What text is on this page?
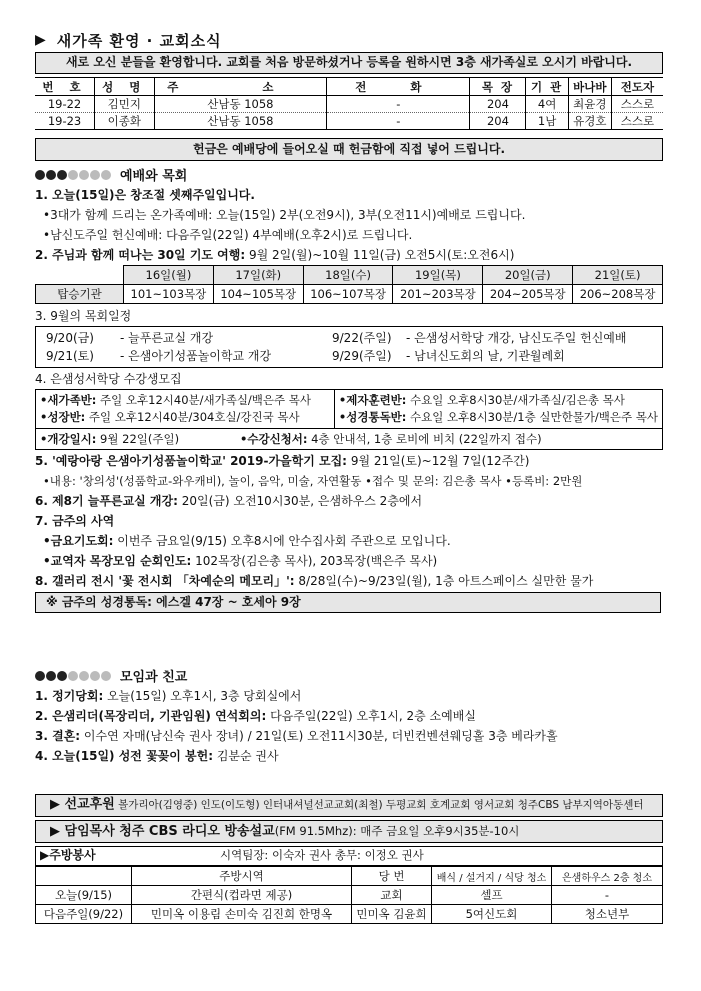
▶ 새가족 환영 · 교회소식
새로 오신 분들을 환영합니다. 교회를 처음 방문하셨거나 등록을 원하시면 3층 새가족실로 오시기 바랍니다.
번 호	성 명	주 소	전 화	목 장	기 관	바나바	전도자
19-22	김민지	산남동 1058	-	204	4여	최윤경	스스로
19-23	이종화	산남동 1058	-	204	1남	유경호	스스로
헌금은 예배당에 들어오실 때 헌금함에 직접 넣어 드립니다.
예배와 목회
1. 오늘(15일)은 창조절 셋째주일입니다.
•3대가 함께 드리는 온가족예배: 오늘(15일) 2부(오전9시), 3부(오전11시)예배로 드립니다.
•남신도주일 헌신예배: 다음주일(22일) 4부예배(오후2시)로 드립니다.
2. 주님과 함께 떠나는 30일 기도 여행: 9월 2일(월)~10월 11일(금) 오전5시(토:오전6시)
	16일(월)	17일(화)	18일(수)	19일(목)	20일(금)	21일(토)
탑승기관	101~103목장	104~105목장	106~107목장	201~203목장	204~205목장	206~208목장
3. 9월의 목회일정
9/20(금)	- 늘푸른교실 개강	9/22(주일)	- 은샘성서학당 개강, 남신도주일 헌신예배
9/21(토)	- 은샘아기성품놀이학교 개강	9/29(주일)	- 남녀신도회의 날, 기관월례회
4. 은샘성서학당 수강생모집
•새가족반: 주일 오후12시40분/새가족실/백은주 목사
•성장반: 주일 오후12시40분/304호실/강진국 목사
•제자훈련반: 수요일 오후8시30분/새가족실/김은총 목사
•성경통독반: 수요일 오후8시30분/1층 실만한물가/백은주 목사
•개강일시: 9월 22일(주일)	•수강신청서: 4층 안내석, 1층 로비에 비치 (22일까지 접수)
5. '예랑아랑 은샘아기성품놀이학교' 2019-가을학기 모집: 9월 21일(토)~12월 7일(12주간)
•내용: '창의성'(성품학교-와우캐비), 놀이, 음악, 미술, 자연활동 •접수 및 문의: 김은총 목사 •등록비: 2만원
6. 제8기 늘푸른교실 개강: 20일(금) 오전10시30분, 은샘하우스 2층에서
7. 금주의 사역
•금요기도회: 이번주 금요일(9/15) 오후8시에 안수집사회 주관으로 모입니다.
•교역자 목장모임 순회인도: 102목장(김은총 목사), 203목장(백은주 목사)
8. 갤러리 전시 '꽃 전시회 「차예순의 메모리」': 8/28일(수)~9/23일(월), 1층 아트스페이스 실만한 물가
※ 금주의 성경통독: 에스겔 47장 ~ 호세아 9장
모임과 친교
1. 정기당회: 오늘(15일) 오후1시, 3층 당회실에서
2. 은샘리더(목장리더, 기관임원) 연석회의: 다음주일(22일) 오후1시, 2층 소예배실
3. 결혼: 이수연 자매(남신숙 권사 장녀) / 21일(토) 오전11시30분, 더빈컨벤션웨딩홀 3층 베라카홀
4. 오늘(15일) 성전 꽃꽂이 봉헌: 김분순 권사
▶ 선교후원 볼가리아(김영중) 인도(이도형) 인터내셔널선교교회(최철) 두평교회 호계교회 영서교회 청주CBS 남부지역아동센터
▶ 담임목사 청주 CBS 라디오 방송설교(FM 91.5Mhz): 매주 금요일 오후9시35분-10시
▶주방봉사	시역팀장: 이숙자 권사 총무: 이정오 권사
	주방시역	당 번	배식 / 설거지 / 식당 청소	은샘하우스 2층 청소
오늘(9/15)	간편식(컵라면 제공)	교회	셀프	-
다음주일(9/22)	민미옥 이용림 손미숙 김진희 한명옥	민미옥 김윤희	5여신도회	청소년부
